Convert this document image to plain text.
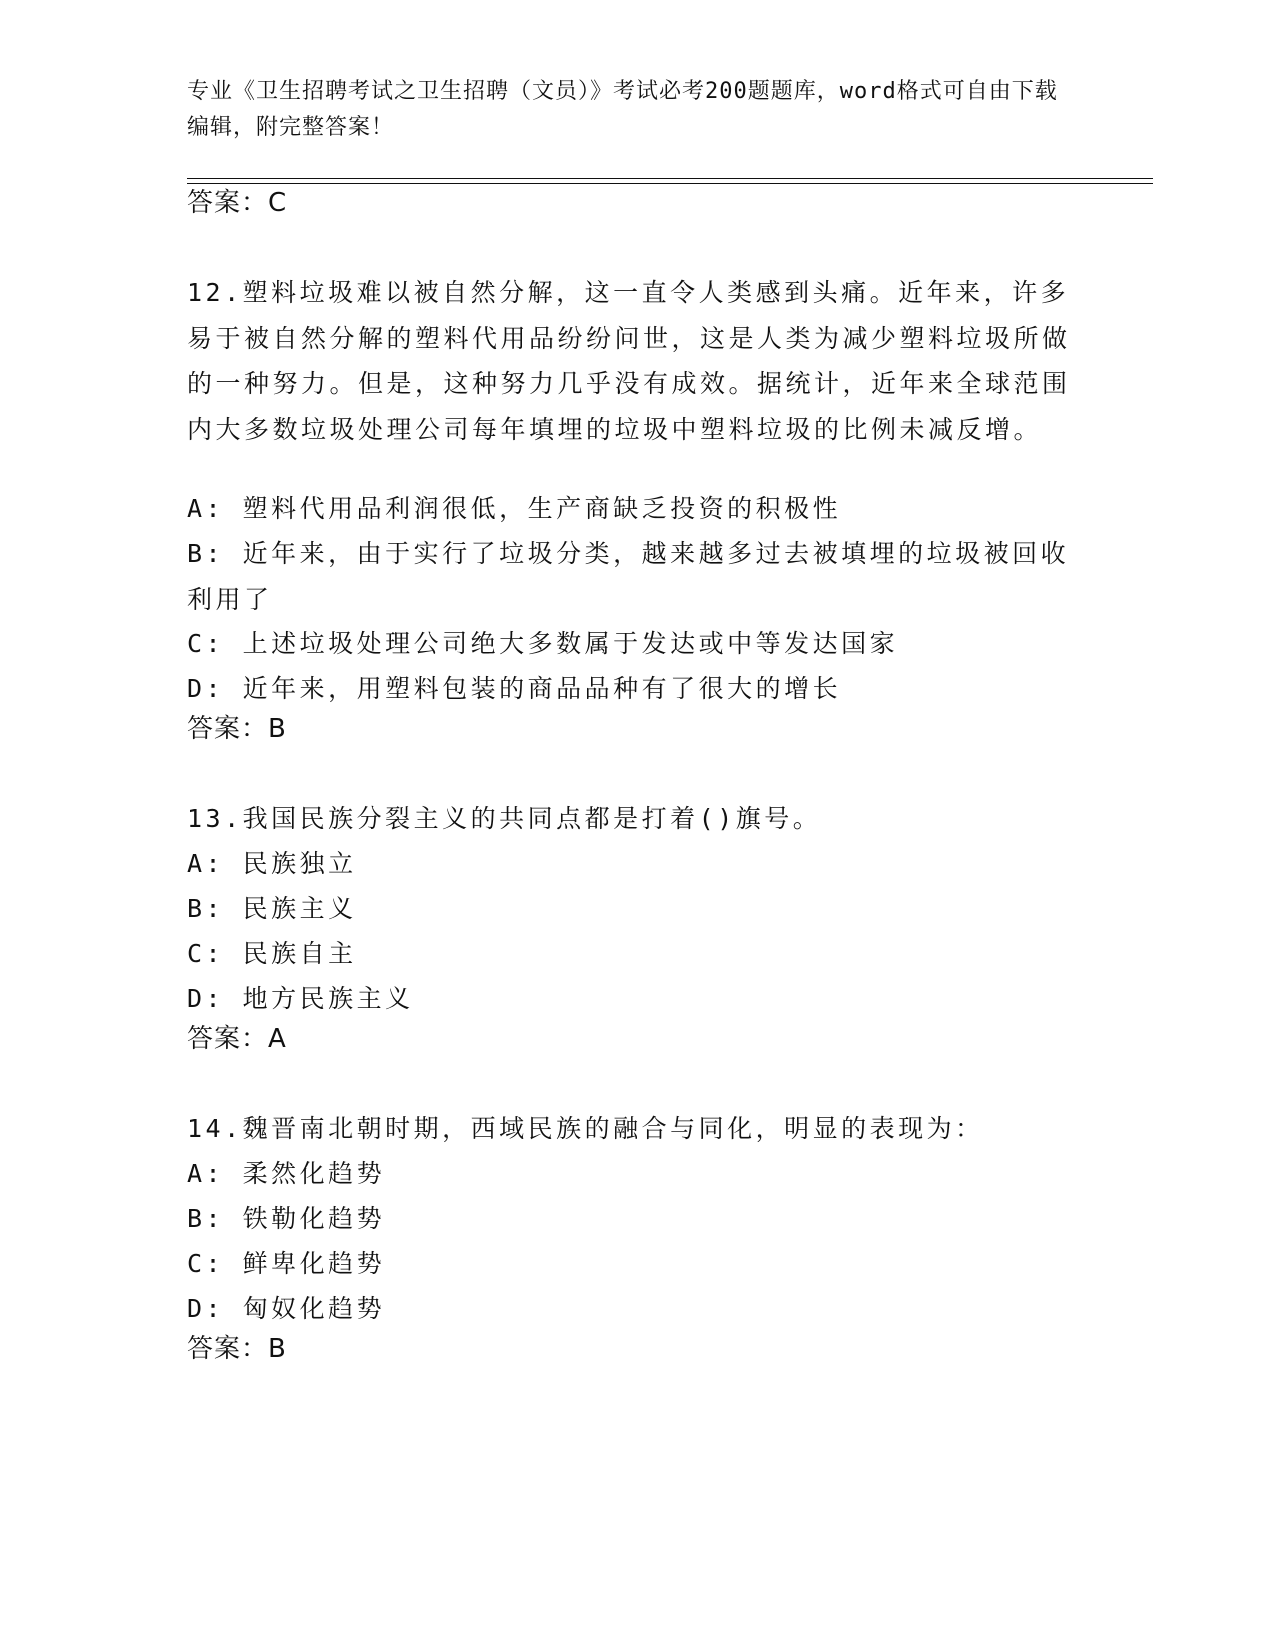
专业《卫生招聘考试之卫生招聘（文员）》考试必考200题题库，word格式可自由下载编辑，附完整答案！
答案：C
12.塑料垃圾难以被自然分解，这一直令人类感到头痛。近年来，许多易于被自然分解的塑料代用品纷纷问世，这是人类为减少塑料垃圾所做的一种努力。但是，这种努力几乎没有成效。据统计，近年来全球范围内大多数垃圾处理公司每年填埋的垃圾中塑料垃圾的比例未减反增。
A: 塑料代用品利润很低，生产商缺乏投资的积极性
B: 近年来，由于实行了垃圾分类，越来越多过去被填埋的垃圾被回收利用了
C: 上述垃圾处理公司绝大多数属于发达或中等发达国家
D: 近年来，用塑料包装的商品品种有了很大的增长
答案：B
13.我国民族分裂主义的共同点都是打着()旗号。
A: 民族独立
B: 民族主义
C: 民族自主
D: 地方民族主义
答案：A
14.魏晋南北朝时期，西域民族的融合与同化，明显的表现为：
A: 柔然化趋势
B: 铁勒化趋势
C: 鲜卑化趋势
D: 匈奴化趋势
答案：B
